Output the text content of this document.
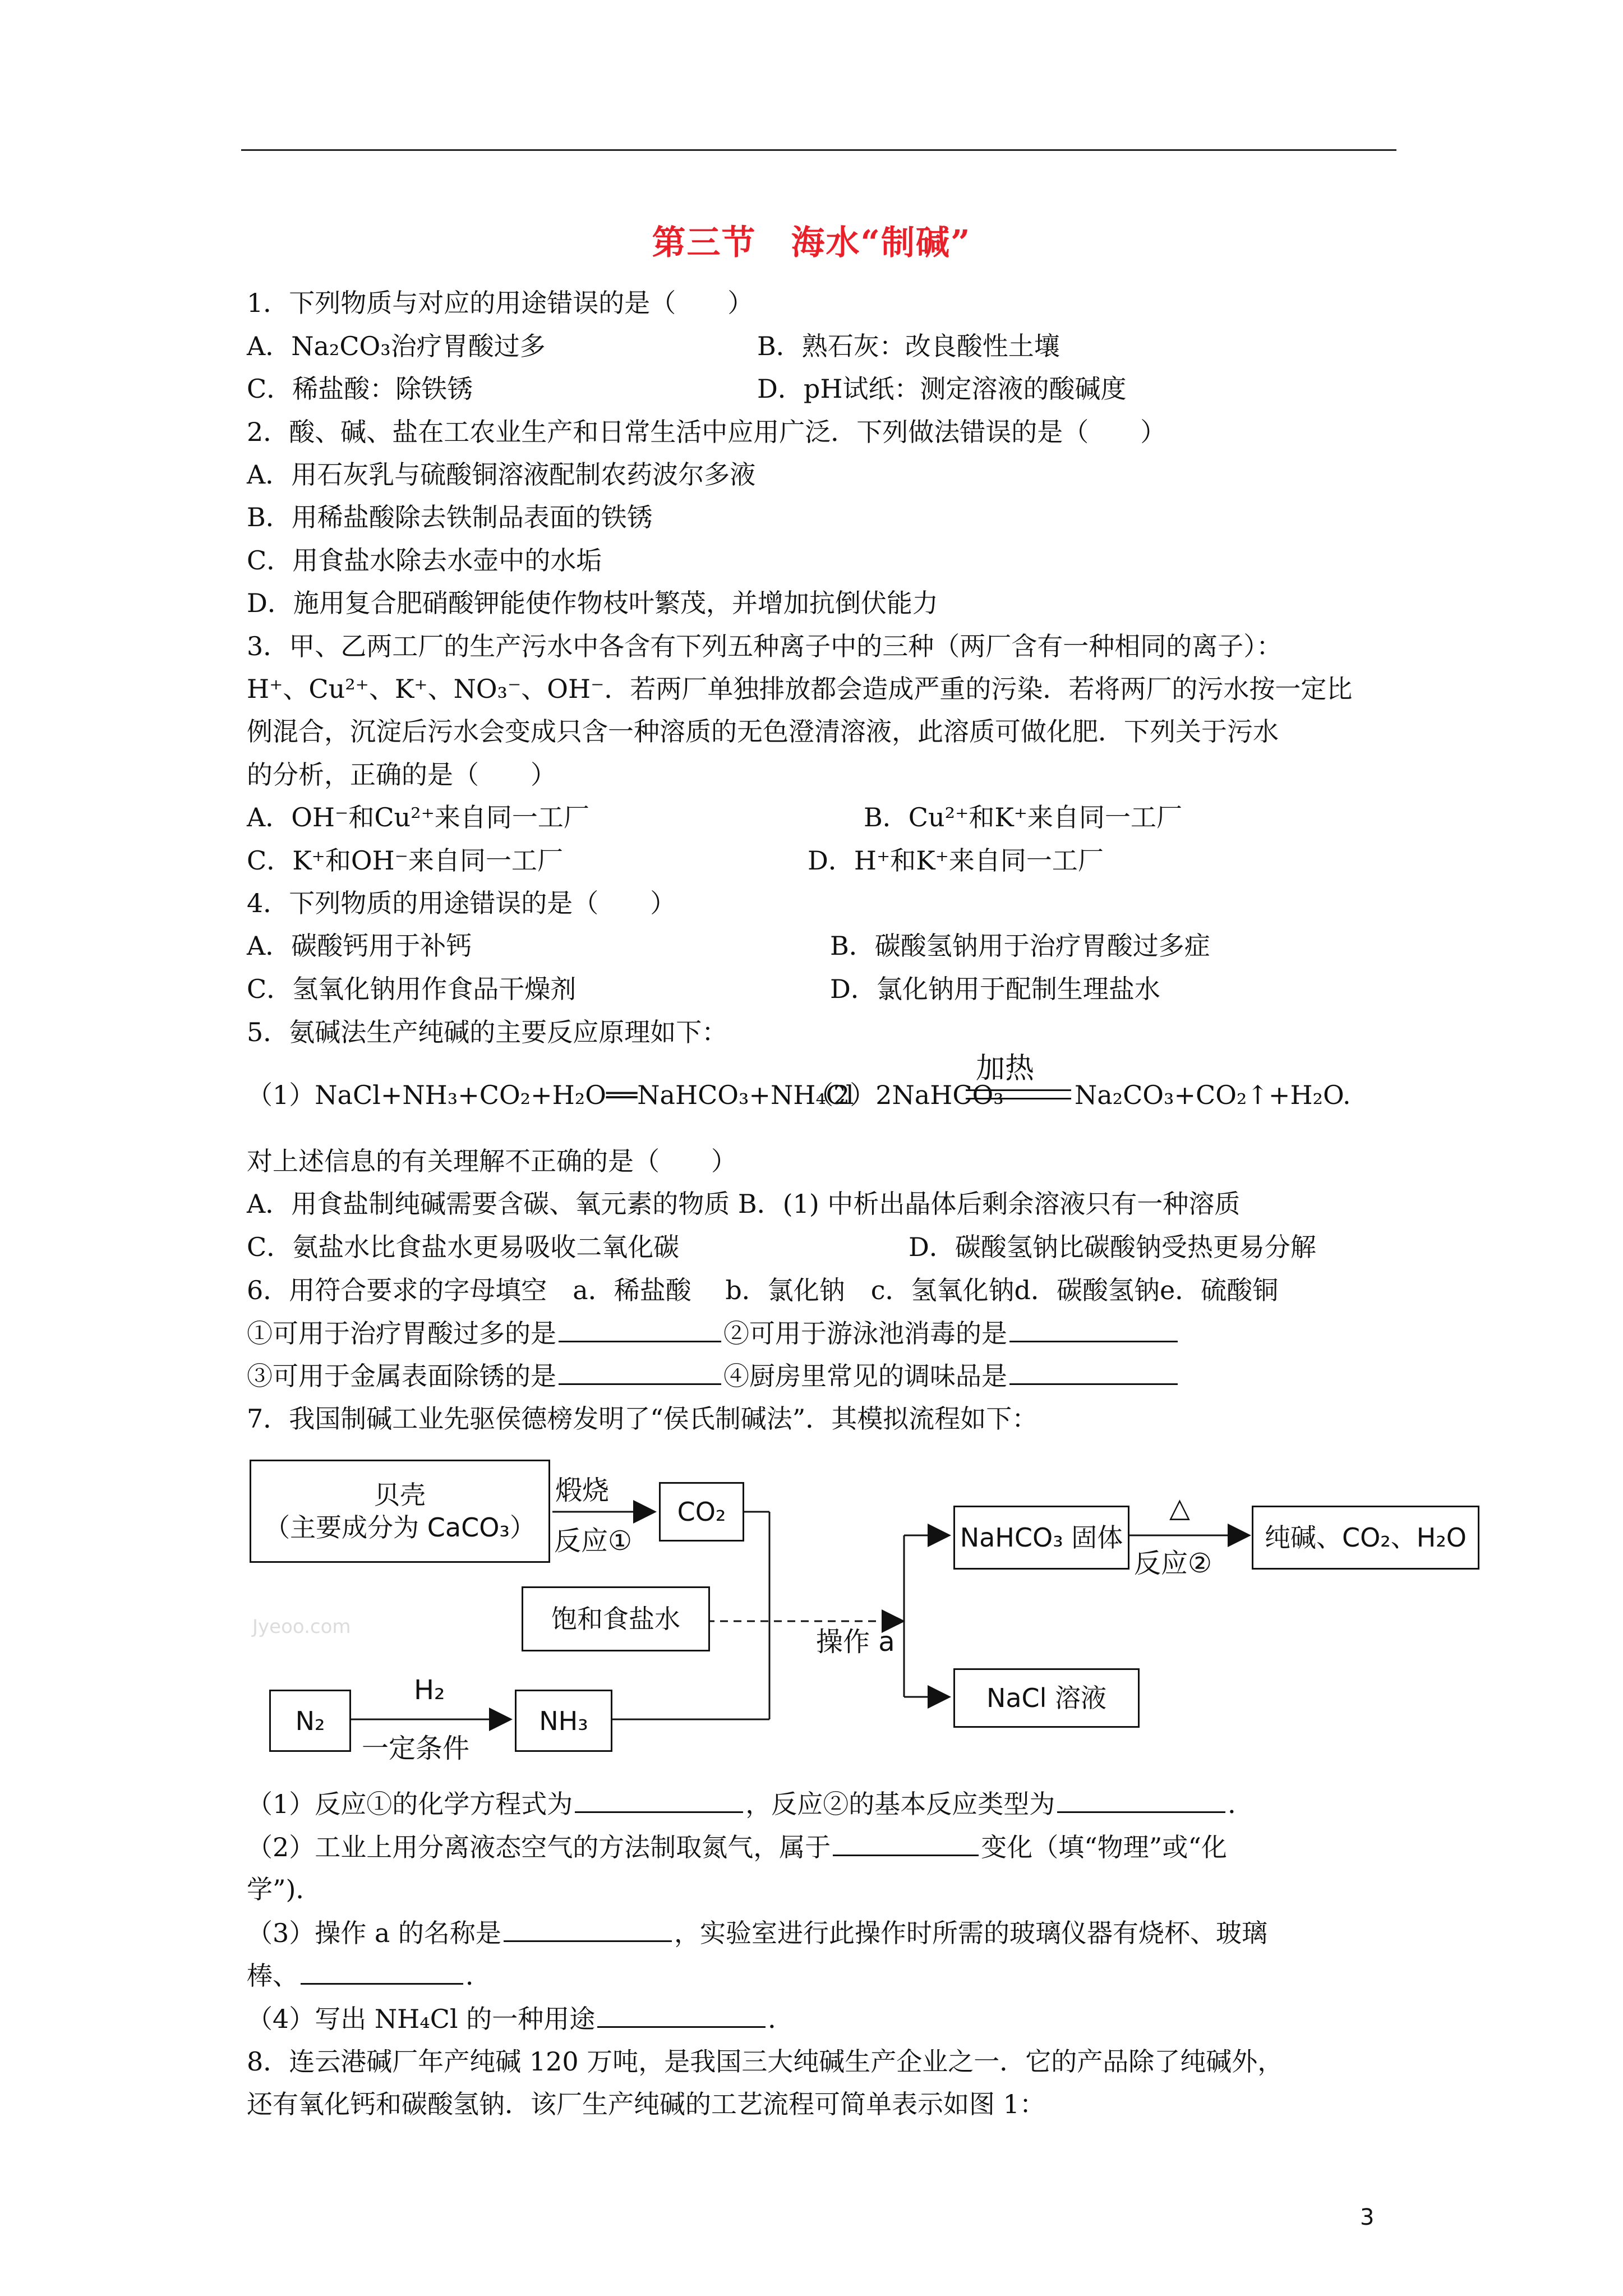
第三节　海水“制碱”
1．下列物质与对应的用途错误的是（　　）
A．Na₂CO₃治疗胃酸过多	B．熟石灰：改良酸性土壤
C．稀盐酸：除铁锈	D．pH试纸：测定溶液的酸碱度
2．酸、碱、盐在工农业生产和日常生活中应用广泛．下列做法错误的是（　　）
A．用石灰乳与硫酸铜溶液配制农药波尔多液
B．用稀盐酸除去铁制品表面的铁锈
C．用食盐水除去水壶中的水垢
D．施用复合肥硝酸钾能使作物枝叶繁茂，并增加抗倒伏能力
3．甲、乙两工厂的生产污水中各含有下列五种离子中的三种（两厂含有一种相同的离子）：
H⁺、Cu²⁺、K⁺、NO₃⁻、OH⁻．若两厂单独排放都会造成严重的污染．若将两厂的污水按一定比
例混合，沉淀后污水会变成只含一种溶质的无色澄清溶液，此溶质可做化肥．下列关于污水
的分析，正确的是（　　）
A．OH⁻和Cu²⁺来自同一工厂	B．Cu²⁺和K⁺来自同一工厂
C．K⁺和OH⁻来自同一工厂	D．H⁺和K⁺来自同一工厂
4．下列物质的用途错误的是（　　）
A．碳酸钙用于补钙	B．碳酸氢钠用于治疗胃酸过多症
C．氢氧化钠用作食品干燥剂	D．氯化钠用于配制生理盐水
5．氨碱法生产纯碱的主要反应原理如下：
（1）NaCl+NH₃+CO₂+H₂O══NaHCO₃+NH₄Cl
（2）2NaHCO₃
加热
Na₂CO₃+CO₂↑+H₂O.
对上述信息的有关理解不正确的是（　　）
A．用食盐制纯碱需要含碳、氧元素的物质 B．(1) 中析出晶体后剩余溶液只有一种溶质
C．氨盐水比食盐水更易吸收二氧化碳	D．碳酸氢钠比碳酸钠受热更易分解
6．用符合要求的字母填空　a．稀盐酸　 b．氯化钠　c．氢氧化钠d．碳酸氢钠e．硫酸铜
①可用于治疗胃酸过多的是	②可用于游泳池消毒的是
③可用于金属表面除锈的是	④厨房里常见的调味品是
7．我国制碱工业先驱侯德榜发明了“侯氏制碱法”．其模拟流程如下：
贝壳
（主要成分为 CaCO₃）
煅烧
反应①
CO₂
饱和食盐水
操作 a
N₂
H₂
一定条件
NH₃
NaHCO₃ 固体
△
反应②
纯碱、CO₂、H₂O
NaCl 溶液
Jyeoo.com
（1）反应①的化学方程式为	，反应②的基本反应类型为	．
（2）工业上用分离液态空气的方法制取氮气，属于	变化（填“物理”或“化
学”)．
（3）操作 a 的名称是	，实验室进行此操作时所需的玻璃仪器有烧杯、玻璃
棒、	．
（4）写出 NH₄Cl 的一种用途	．
8．连云港碱厂年产纯碱 120 万吨，是我国三大纯碱生产企业之一．它的产品除了纯碱外，
还有氧化钙和碳酸氢钠．该厂生产纯碱的工艺流程可简单表示如图 1：
3
